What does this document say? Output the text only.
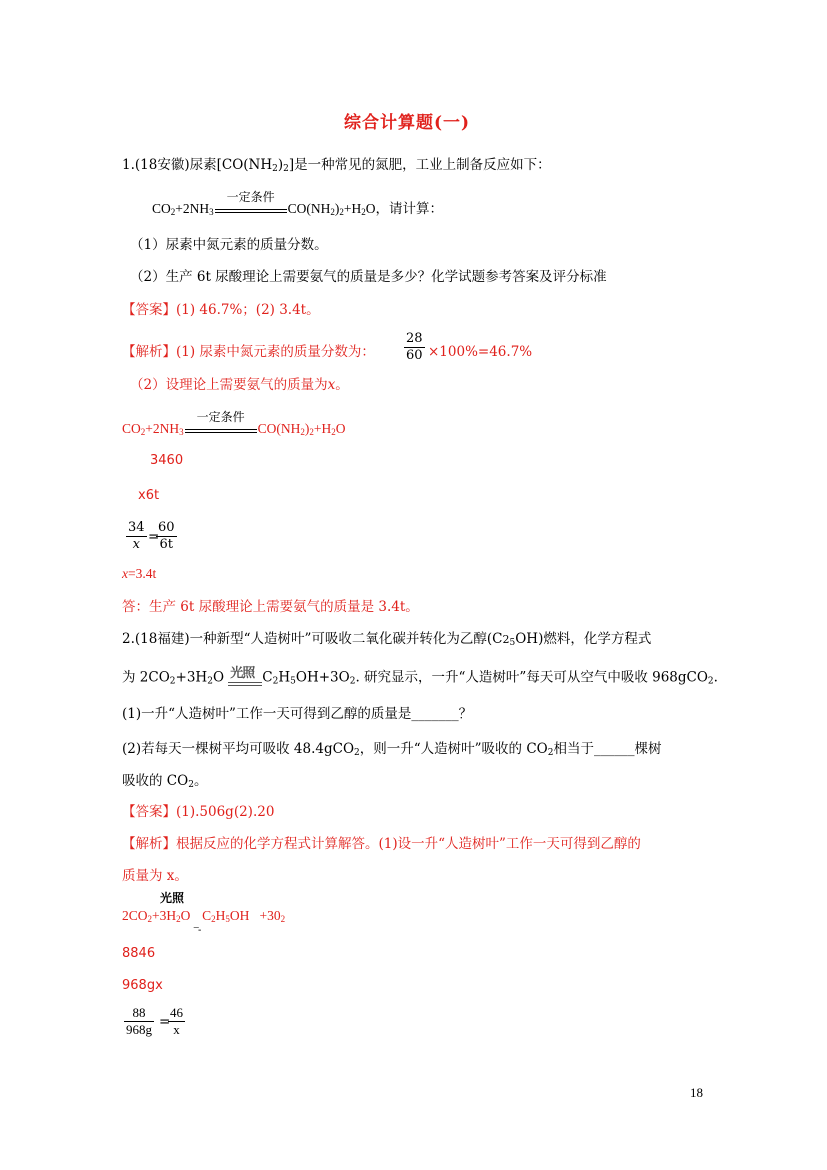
综合计算题(一)
1.(18安徽)尿素$[CO(NH_2)_2]$是一种常见的氮肥，工业上制备反应如下：
$CO_2+2NH_3$
一定条件
$CO(NH_2)_2+H_2O$，请计算：
（1）尿素中氮元素的质量分数。
（2）生产 6t 尿酸理论上需要氨气的质量是多少？化学试题参考答案及评分标准
【答案】(1) 46.7%；(2) 3.4t。
【解析】(1) 尿素中氮元素的质量分数为： $\frac{28}{60} \times 100\%=46.7\%$
（2）设理论上需要氨气的质量为x。
$CO_2+2NH_3$
一定条件
$CO(NH_2)_2+H_2O$
3460
x6t
$\frac{34}{x}$ =
$\frac{60}{6t}$
x=3.4t
答：生产 6t 尿酸理论上需要氨气的质量是 3.4t。
2.(18福建)一种新型“人造树叶”可吸收二氧化碳并转化为乙醇$(C2_5OH)$燃料，化学方程式
为 $2CO_2+3H_2O$ 光照 $C_2H_5OH+3O_2$. 研究显示，一升“人造树叶”每天可从空气中吸收 968gCO$_2$.
(1)一升“人造树叶”工作一天可得到乙醇的质量是_______？
(2)若每天一棵树平均可吸收 48.4gCO$_2$，则一升“人造树叶”吸收的 $CO_2$相当于______棵树
吸收的 $CO_2$。
【答案】(1).506g(2).20
【解析】根据反应的化学方程式计算解答。(1)设一升“人造树叶”工作一天可得到乙醇的
质量为 x。
光照
$2CO_2+3H_2O$ $_{\_}$ $C_2H_5OH +30_2$
-
8846
968gx
$\frac{88}{968g}$ =
$\frac{46}{x}$
18
